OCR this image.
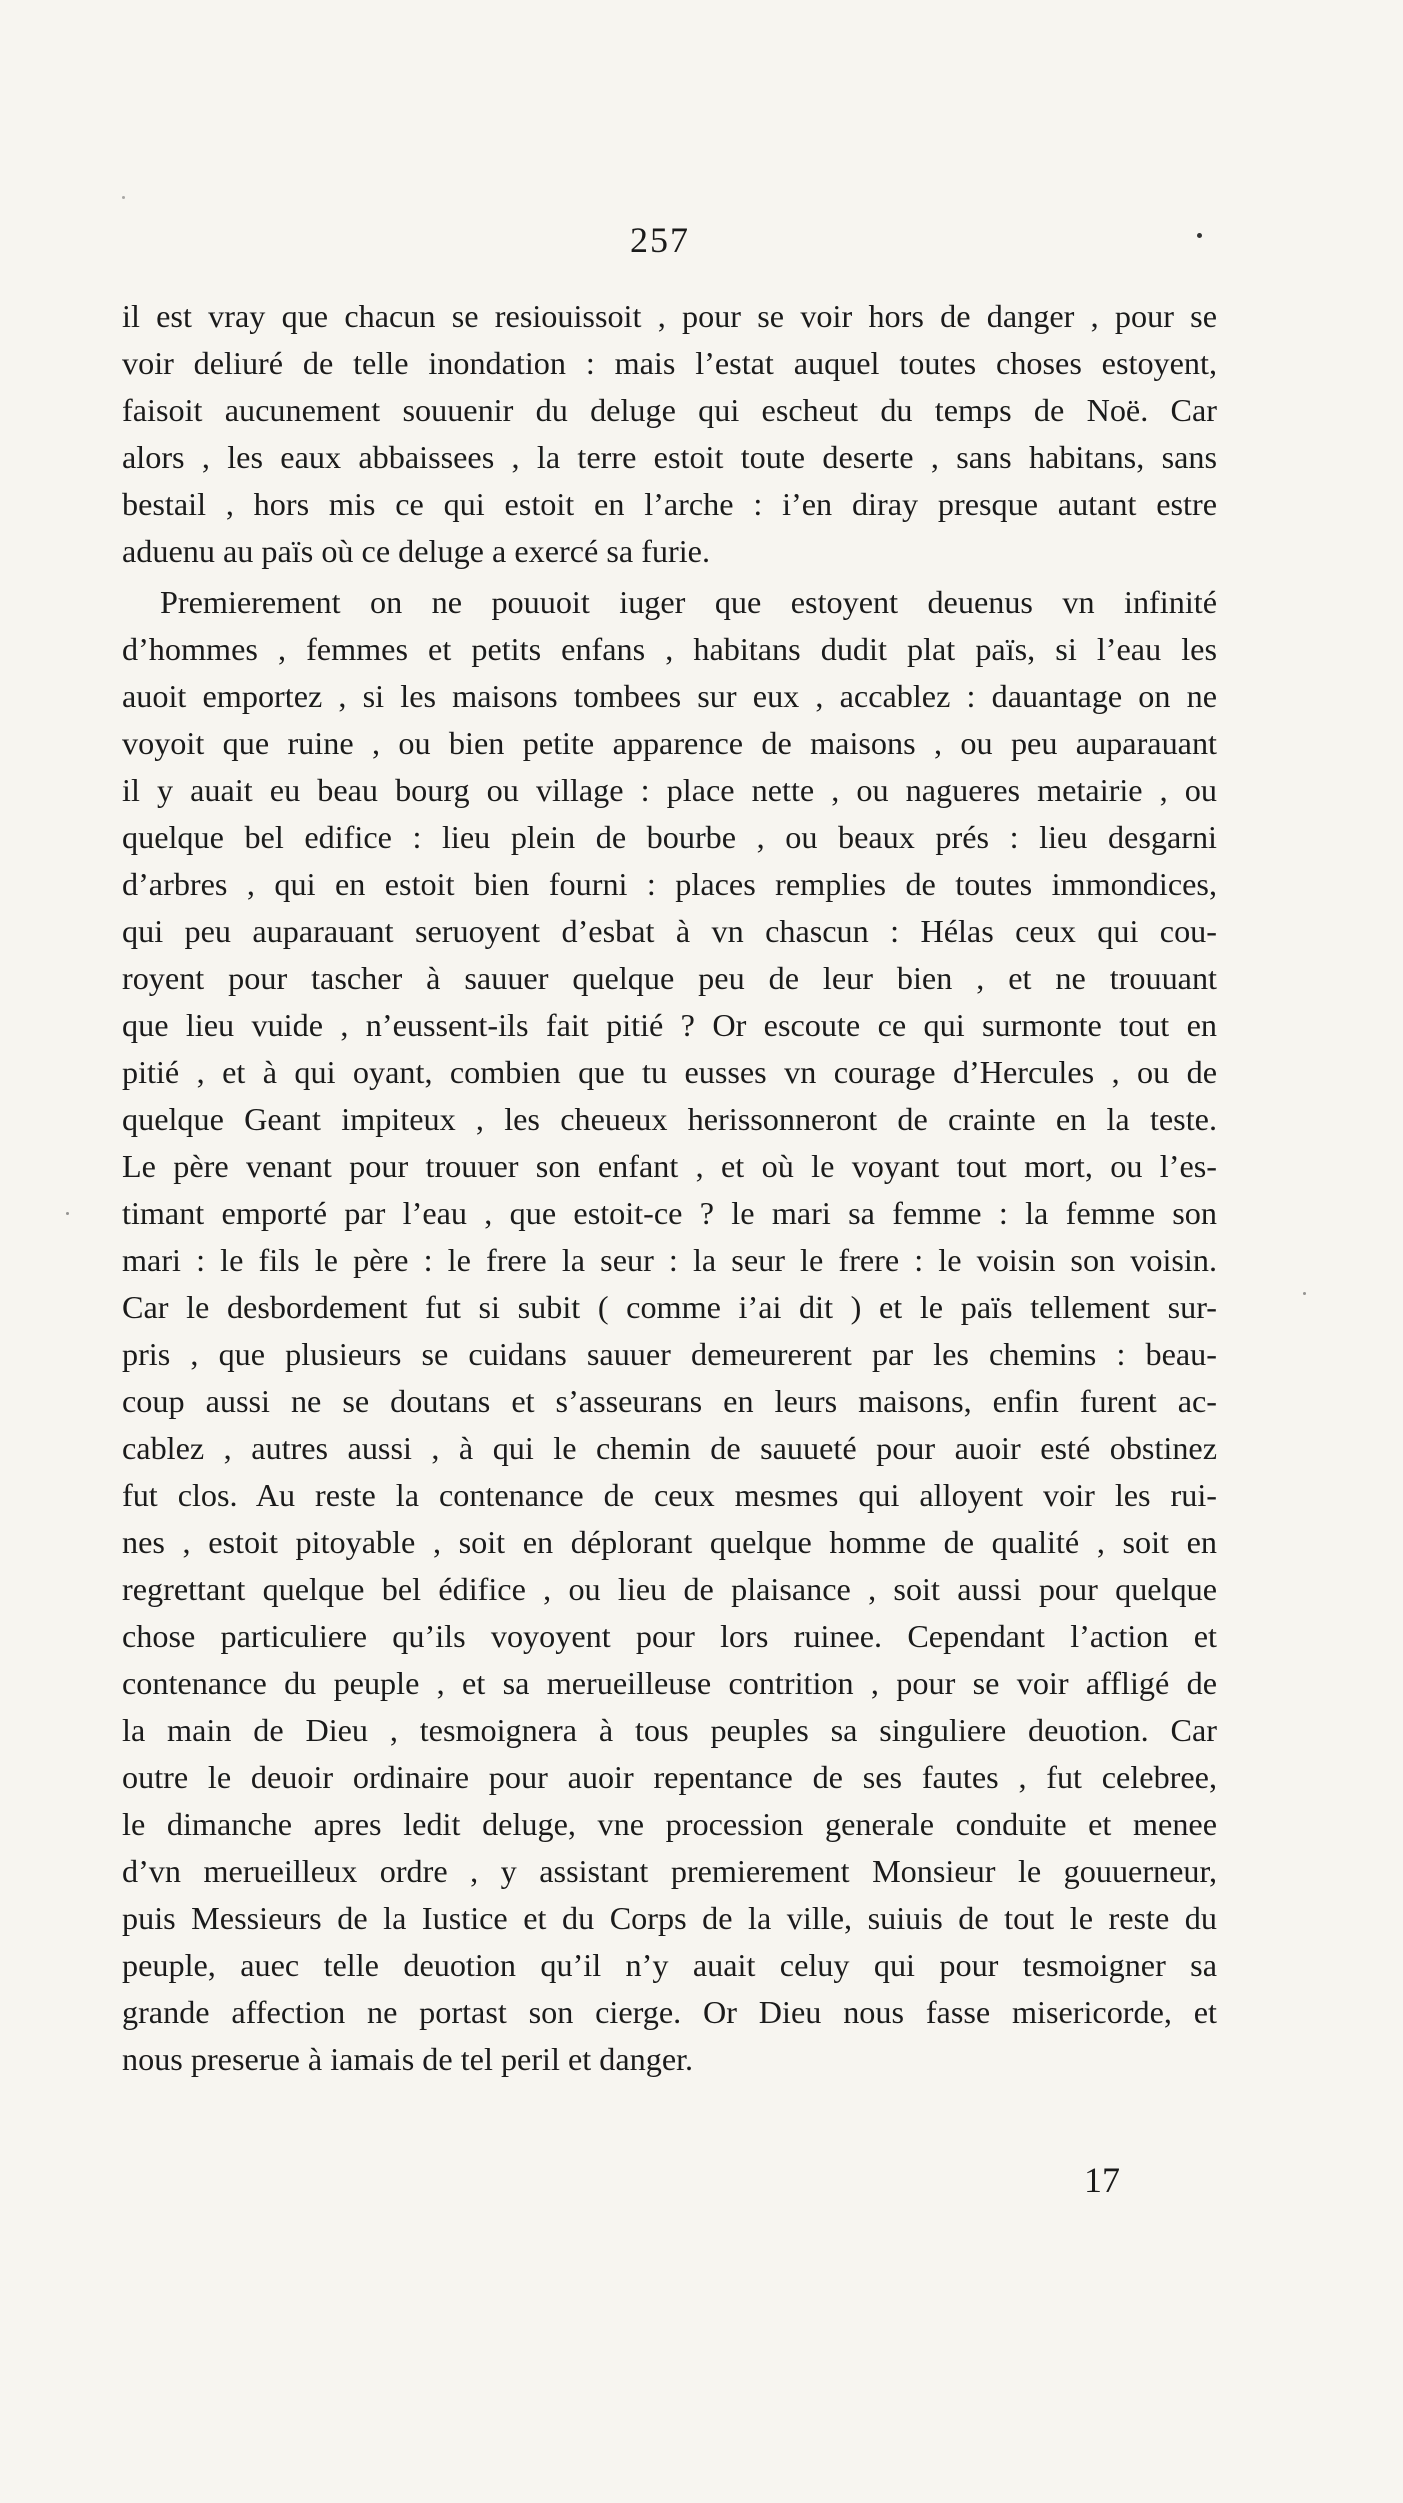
257
il est vray que chacun se resiouissoit , pour se voir hors de danger , pour se
voir deliuré de telle inondation : mais l’estat auquel toutes choses estoyent,
faisoit aucunement souuenir du deluge qui escheut du temps de Noë. Car
alors , les eaux abbaissees , la terre estoit toute deserte , sans habitans, sans
bestail , hors mis ce qui estoit en l’arche : i’en diray presque autant estre
aduenu au païs où ce deluge a exercé sa furie.
Premierement on ne pouuoit iuger que estoyent deuenus vn infinité
d’hommes , femmes et petits enfans , habitans dudit plat païs, si l’eau les
auoit emportez , si les maisons tombees sur eux , accablez : dauantage on ne
voyoit que ruine , ou bien petite apparence de maisons , ou peu auparauant
il y auait eu beau bourg ou village : place nette , ou nagueres metairie , ou
quelque bel edifice : lieu plein de bourbe , ou beaux prés : lieu desgarni
d’arbres , qui en estoit bien fourni : places remplies de toutes immondices,
qui peu auparauant seruoyent d’esbat à vn chascun : Hélas ceux qui cou-
royent pour tascher à sauuer quelque peu de leur bien , et ne trouuant
que lieu vuide , n’eussent-ils fait pitié ? Or escoute ce qui surmonte tout en
pitié , et à qui oyant, combien que tu eusses vn courage d’Hercules , ou de
quelque Geant impiteux , les cheueux herissonneront de crainte en la teste.
Le père venant pour trouuer son enfant , et où le voyant tout mort, ou l’es-
timant emporté par l’eau , que estoit-ce ? le mari sa femme : la femme son
mari : le fils le père : le frere la seur : la seur le frere : le voisin son voisin.
Car le desbordement fut si subit ( comme i’ai dit ) et le païs tellement sur-
pris , que plusieurs se cuidans sauuer demeurerent par les chemins : beau-
coup aussi ne se doutans et s’asseurans en leurs maisons, enfin furent ac-
cablez , autres aussi , à qui le chemin de sauueté pour auoir esté obstinez
fut clos. Au reste la contenance de ceux mesmes qui alloyent voir les rui-
nes , estoit pitoyable , soit en déplorant quelque homme de qualité , soit en
regrettant quelque bel édifice , ou lieu de plaisance , soit aussi pour quelque
chose particuliere qu’ils voyoyent pour lors ruinee. Cependant l’action et
contenance du peuple , et sa merueilleuse contrition , pour se voir affligé de
la main de Dieu , tesmoignera à tous peuples sa singuliere deuotion. Car
outre le deuoir ordinaire pour auoir repentance de ses fautes , fut celebree,
le dimanche apres ledit deluge, vne procession generale conduite et menee
d’vn merueilleux ordre , y assistant premierement Monsieur le gouuerneur,
puis Messieurs de la Iustice et du Corps de la ville, suiuis de tout le reste du
peuple, auec telle deuotion qu’il n’y auait celuy qui pour tesmoigner sa
grande affection ne portast son cierge. Or Dieu nous fasse misericorde, et
nous preserue à iamais de tel peril et danger.
17
